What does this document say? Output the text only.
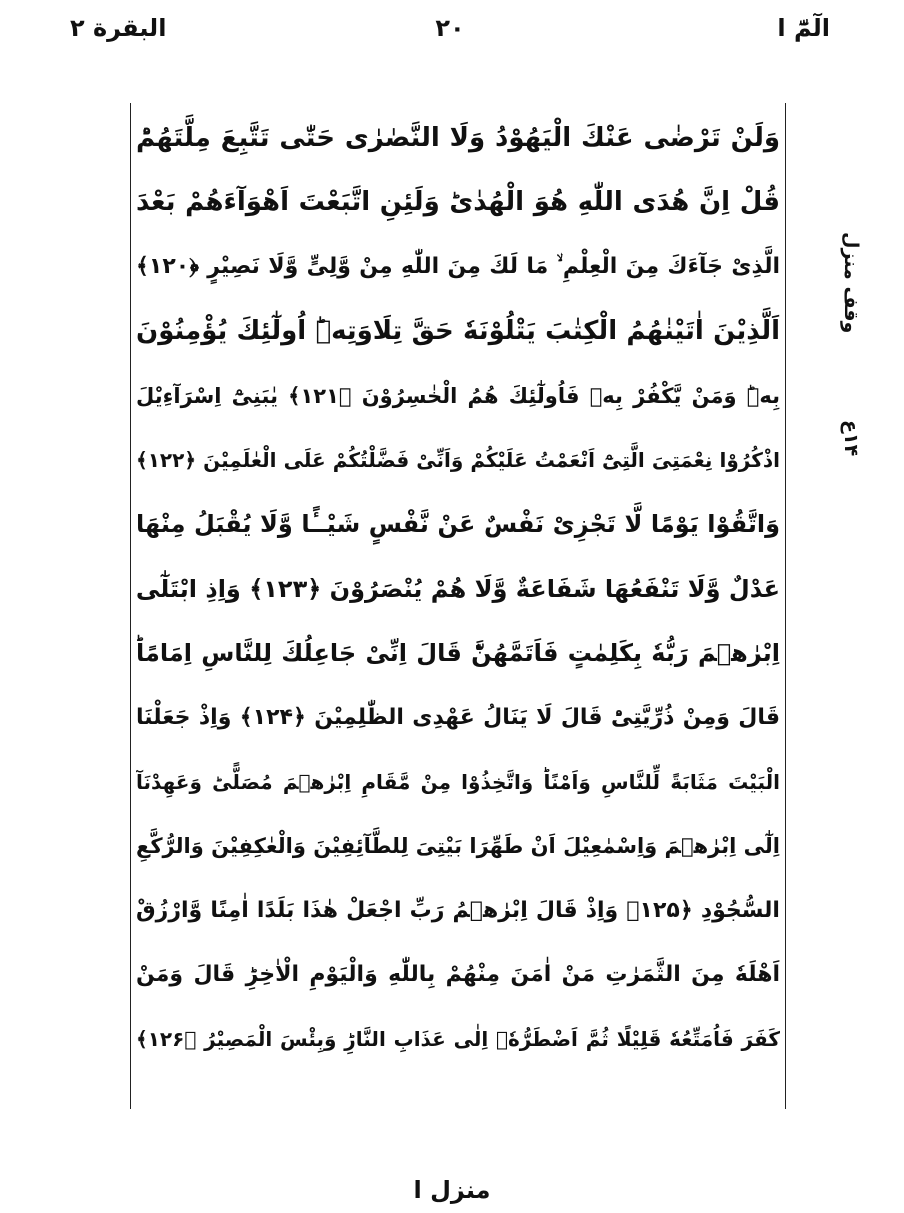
الٓمّٓ ا
٢٠
البقرة ٢
وَلَنْ تَرْضٰى عَنْكَ الْيَهُوْدُ وَلَا النَّصٰرٰى حَتّٰى تَتَّبِعَ مِلَّتَهُمْؕ
قُلْ اِنَّ هُدَى اللّٰهِ هُوَ الْهُدٰىؕ وَلَئِنِ اتَّبَعْتَ اَهْوَآءَهُمْ بَعْدَ
الَّذِیْ جَآءَكَ مِنَ الْعِلْمِ ۙ مَا لَكَ مِنَ اللّٰهِ مِنْ وَّلِیٍّ وَّلَا نَصِیْرٍ ﴿۱۲۰﴾
اَلَّذِیْنَ اٰتَیْنٰهُمُ الْكِتٰبَ یَتْلُوْنَهٗ حَقَّ تِلَاوَتِهٖؕ اُولٰٓئِكَ یُؤْمِنُوْنَ
بِهٖؕ وَمَنْ یَّكْفُرْ بِهٖ فَاُولٰٓئِكَ هُمُ الْخٰسِرُوْنَ ﴿۱۲۱﴾ یٰبَنِیْٓ اِسْرَآءِیْلَ
اذْكُرُوْا نِعْمَتِیَ الَّتِیْٓ اَنْعَمْتُ عَلَیْكُمْ وَاَنِّیْ فَضَّلْتُكُمْ عَلَى الْعٰلَمِیْنَ ﴿۱۲۲﴾
وَاتَّقُوْا یَوْمًا لَّا تَجْزِیْ نَفْسٌ عَنْ نَّفْسٍ شَیْــًٔا وَّلَا یُقْبَلُ مِنْهَا
عَدْلٌ وَّلَا تَنْفَعُهَا شَفَاعَةٌ وَّلَا هُمْ یُنْصَرُوْنَ ﴿۱۲۳﴾ وَاِذِ ابْتَلٰٓى
اِبْرٰهٖمَ رَبُّهٗ بِكَلِمٰتٍ فَاَتَمَّهُنَّؕ قَالَ اِنِّیْ جَاعِلُكَ لِلنَّاسِ اِمَامًاؕ
قَالَ وَمِنْ ذُرِّیَّتِیْؕ قَالَ لَا یَنَالُ عَهْدِی الظّٰلِمِیْنَ ﴿۱۲۴﴾ وَاِذْ جَعَلْنَا
الْبَیْتَ مَثَابَةً لِّلنَّاسِ وَاَمْنًاؕ وَاتَّخِذُوْا مِنْ مَّقَامِ اِبْرٰهٖمَ مُصَلًّىؕ وَعَهِدْنَآ
اِلٰٓى اِبْرٰهٖمَ وَاِسْمٰعِیْلَ اَنْ طَهِّرَا بَیْتِیَ لِلطَّآئِفِیْنَ وَالْعٰكِفِیْنَ وَالرُّكَّعِ
السُّجُوْدِ ﴿۱۲۵﴾ وَاِذْ قَالَ اِبْرٰهٖمُ رَبِّ اجْعَلْ هٰذَا بَلَدًا اٰمِنًا وَّارْزُقْ
اَهْلَهٗ مِنَ الثَّمَرٰتِ مَنْ اٰمَنَ مِنْهُمْ بِاللّٰهِ وَالْیَوْمِ الْاٰخِرِؕ قَالَ وَمَنْ
كَفَرَ فَاُمَتِّعُهٗ قَلِیْلًا ثُمَّ اَضْطَرُّهٗۤ اِلٰى عَذَابِ النَّارِؕ وَبِئْسَ الْمَصِیْرُ ﴿۱۲۶﴾
وقف منزل
۱۴ع
منزل ا
